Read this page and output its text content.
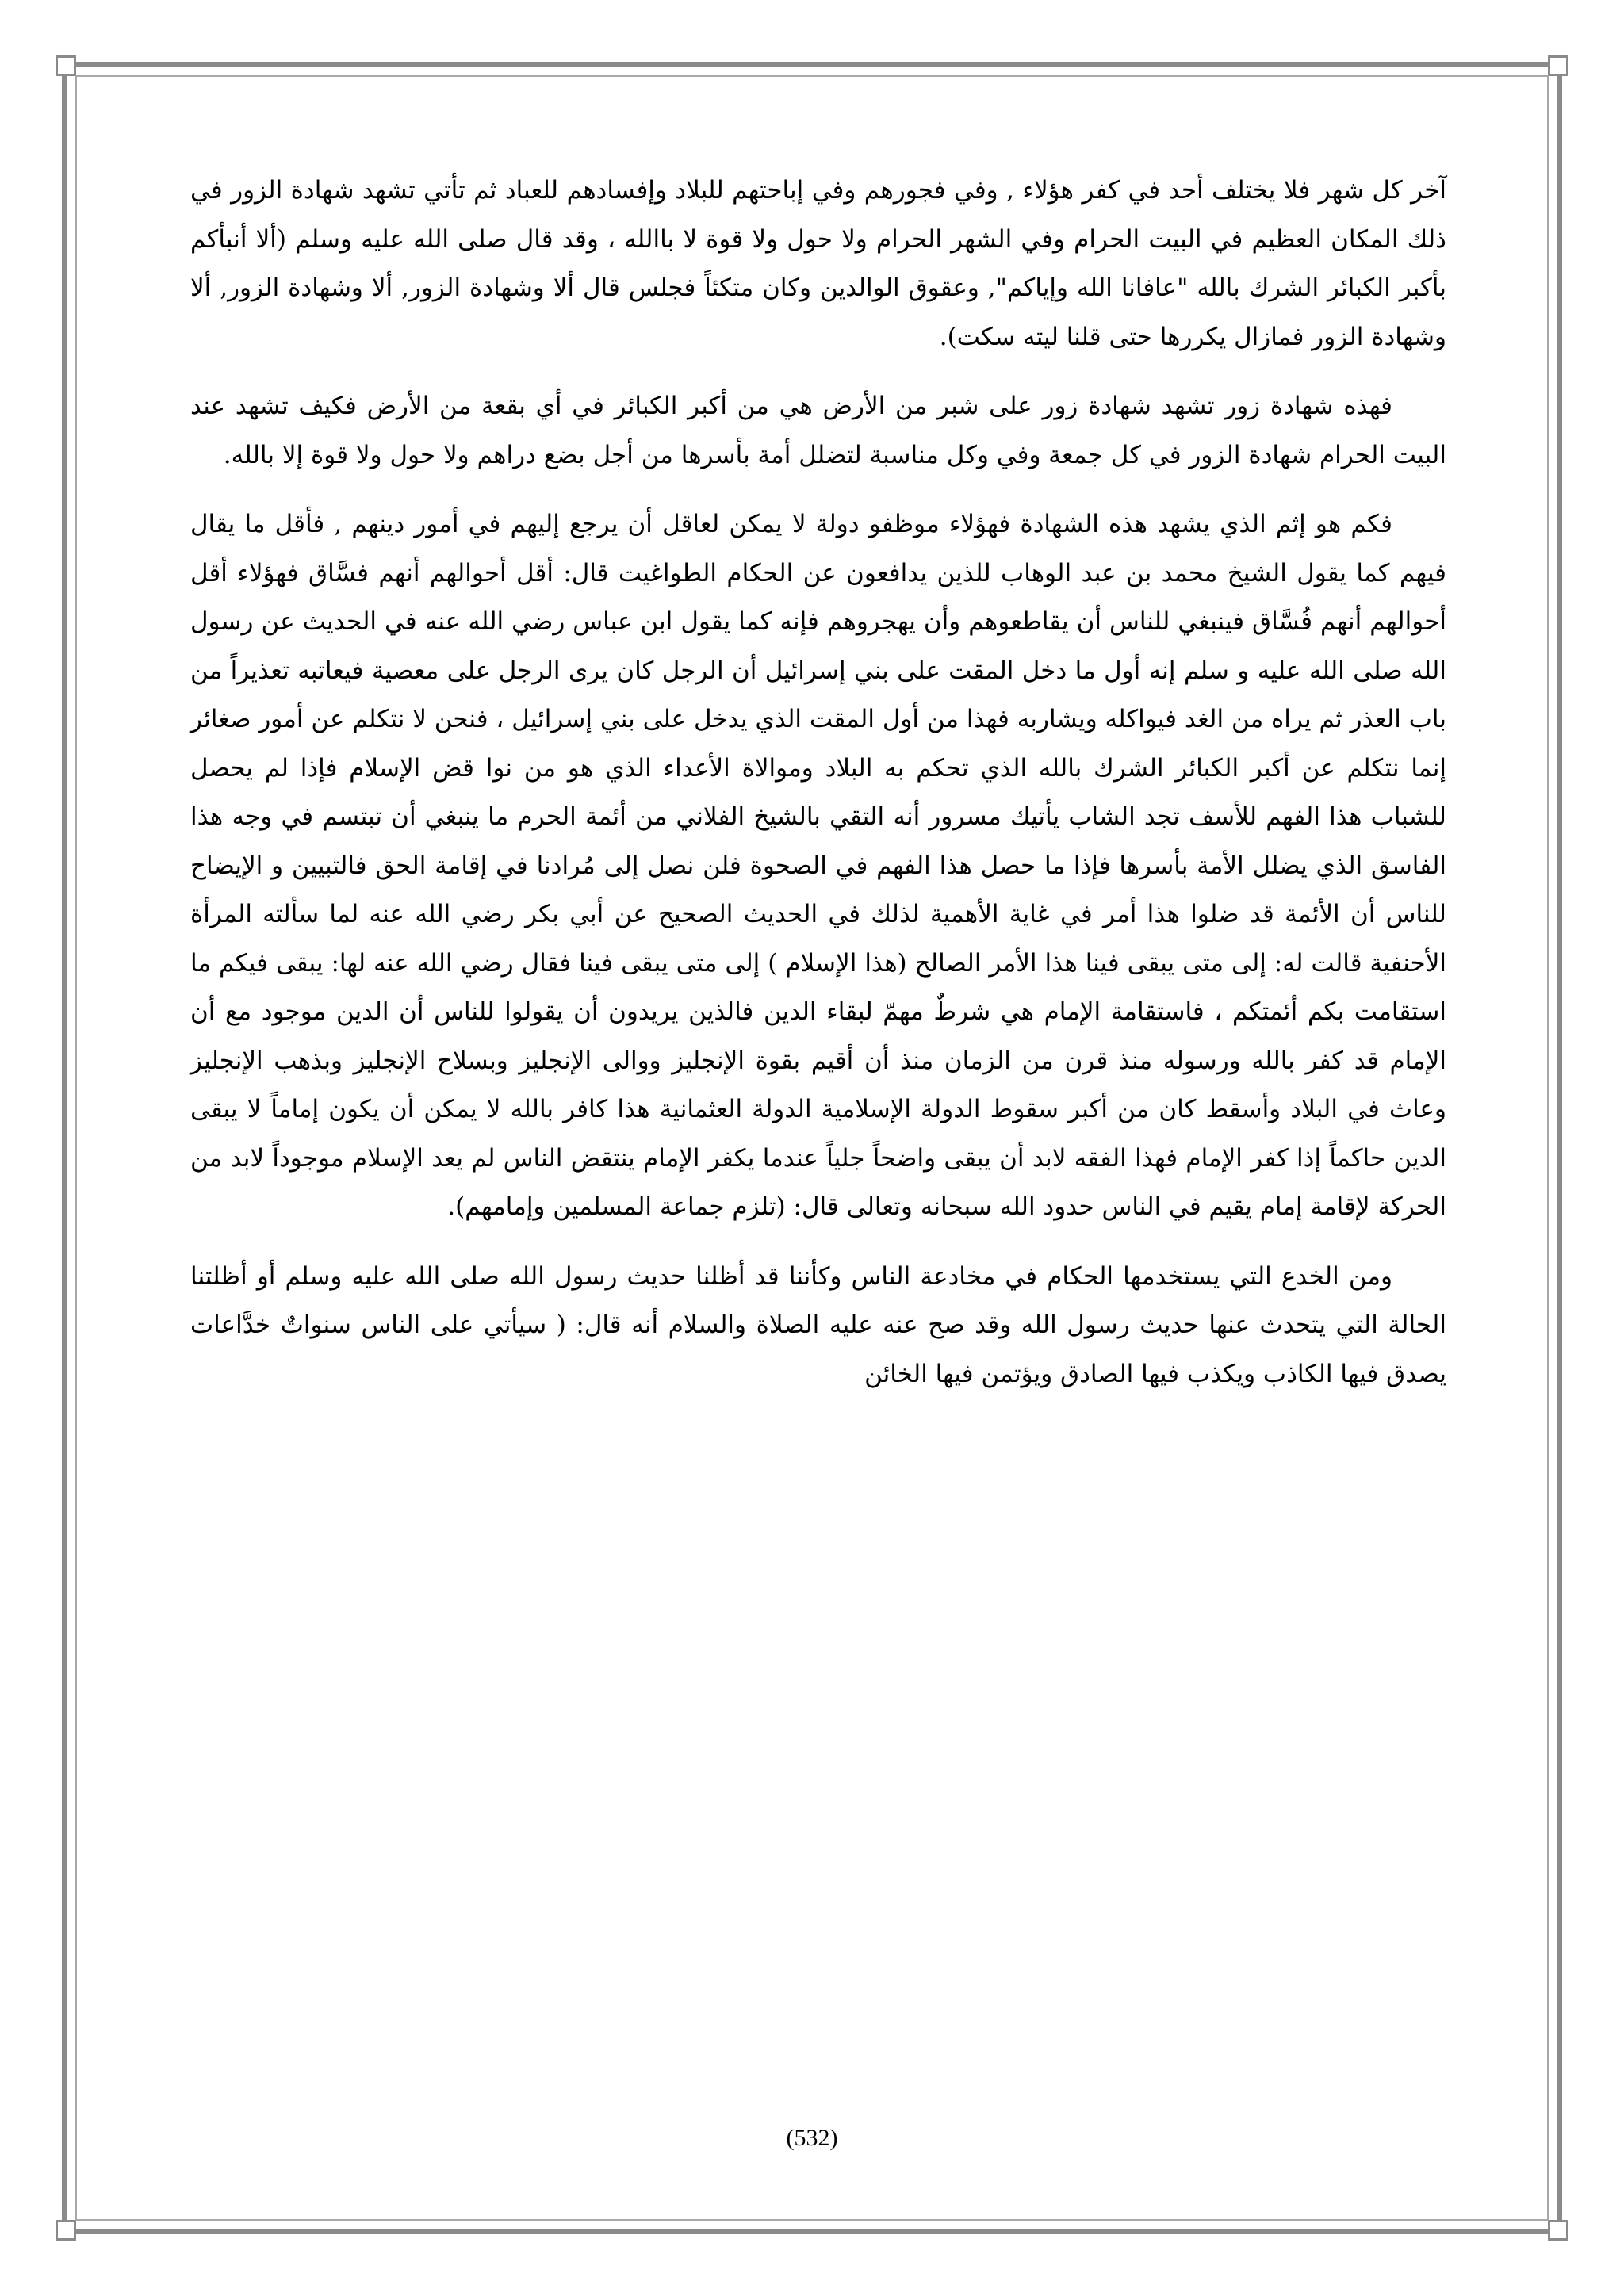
آخر كل شهر فلا يختلف أحد في كفر هؤلاء , وفي فجورهم وفي إباحتهم للبلاد وإفسادهم للعباد ثم تأتي تشهد شهادة الزور في ذلك المكان العظيم في البيت الحرام وفي الشهر الحرام ولا حول ولا قوة لا باالله ، وقد قال صلى الله عليه وسلم (ألا أنبأكم بأكبر الكبائر الشرك بالله "عافانا الله وإياكم", وعقوق الوالدين وكان متكئاً فجلس قال ألا وشهادة الزور, ألا وشهادة الزور, ألا وشهادة الزور فمازال يكررها حتى قلنا ليته سكت).

فهذه شهادة زور تشهد شهادة زور على شبر من الأرض هي من أكبر الكبائر في أي بقعة من الأرض فكيف تشهد عند البيت الحرام شهادة الزور في كل جمعة وفي وكل مناسبة لتضلل أمة بأسرها من أجل بضع دراهم ولا حول ولا قوة إلا بالله.

فكم هو إثم الذي يشهد هذه الشهادة فهؤلاء موظفو دولة لا يمكن لعاقل أن يرجع إليهم في أمور دينهم , فأقل ما يقال فيهم كما يقول الشيخ محمد بن عبد الوهاب للذين يدافعون عن الحكام الطواغيت قال: أقل أحوالهم أنهم فسَّاق فهؤلاء أقل أحوالهم أنهم فُسَّاق فينبغي للناس أن يقاطعوهم وأن يهجروهم فإنه كما يقول ابن عباس رضي الله عنه في الحديث عن رسول الله صلى الله عليه و سلم إنه أول ما دخل المقت على بني إسرائيل أن الرجل كان يرى الرجل على معصية فيعاتبه تعذيراً من باب العذر ثم يراه من الغد فيواكله ويشاربه فهذا من أول المقت الذي يدخل على بني إسرائيل ، فنحن لا نتكلم عن أمور صغائر إنما نتكلم عن أكبر الكبائر الشرك بالله الذي تحكم به البلاد وموالاة الأعداء الذي هو من نوا قض الإسلام فإذا لم يحصل للشباب هذا الفهم للأسف تجد الشاب يأتيك مسرور أنه التقي بالشيخ الفلاني من أئمة الحرم ما ينبغي أن تبتسم في وجه هذا الفاسق الذي يضلل الأمة بأسرها فإذا ما حصل هذا الفهم في الصحوة فلن نصل إلى مُرادنا في إقامة الحق فالتبيين و الإيضاح للناس أن الأئمة قد ضلوا هذا أمر في غاية الأهمية لذلك في الحديث الصحيح عن أبي بكر رضي الله عنه لما سألته المرأة الأحنفية قالت له: إلى متى يبقى فينا هذا الأمر الصالح (هذا الإسلام ) إلى متى يبقى فينا فقال رضي الله عنه لها: يبقى فيكم ما استقامت بكم أئمتكم ، فاستقامة الإمام هي شرطٌ مهمّ لبقاء الدين فالذين يريدون أن يقولوا للناس أن الدين موجود مع أن الإمام قد كفر بالله ورسوله منذ قرن من الزمان منذ أن أقيم بقوة الإنجليز ووالى الإنجليز وبسلاح الإنجليز وبذهب الإنجليز وعاث في البلاد وأسقط كان من أكبر سقوط الدولة الإسلامية الدولة العثمانية هذا كافر بالله لا يمكن أن يكون إماماً لا يبقى الدين حاكماً إذا كفر الإمام فهذا الفقه لابد أن يبقى واضحاً جلياً عندما يكفر الإمام ينتقض الناس لم يعد الإسلام موجوداً لابد من الحركة لإقامة إمام يقيم في الناس حدود الله سبحانه وتعالى قال: (تلزم جماعة المسلمين وإمامهم).

ومن الخدع التي يستخدمها الحكام في مخادعة الناس وكأننا قد أظلنا حديث رسول الله صلى الله عليه وسلم أو أظلتنا الحالة التي يتحدث عنها حديث رسول الله وقد صح عنه عليه الصلاة والسلام أنه قال: ( سيأتي على الناس سنواتٌ خدَّاعات يصدق فيها الكاذب ويكذب فيها الصادق ويؤتمن فيها الخائن

(532)
